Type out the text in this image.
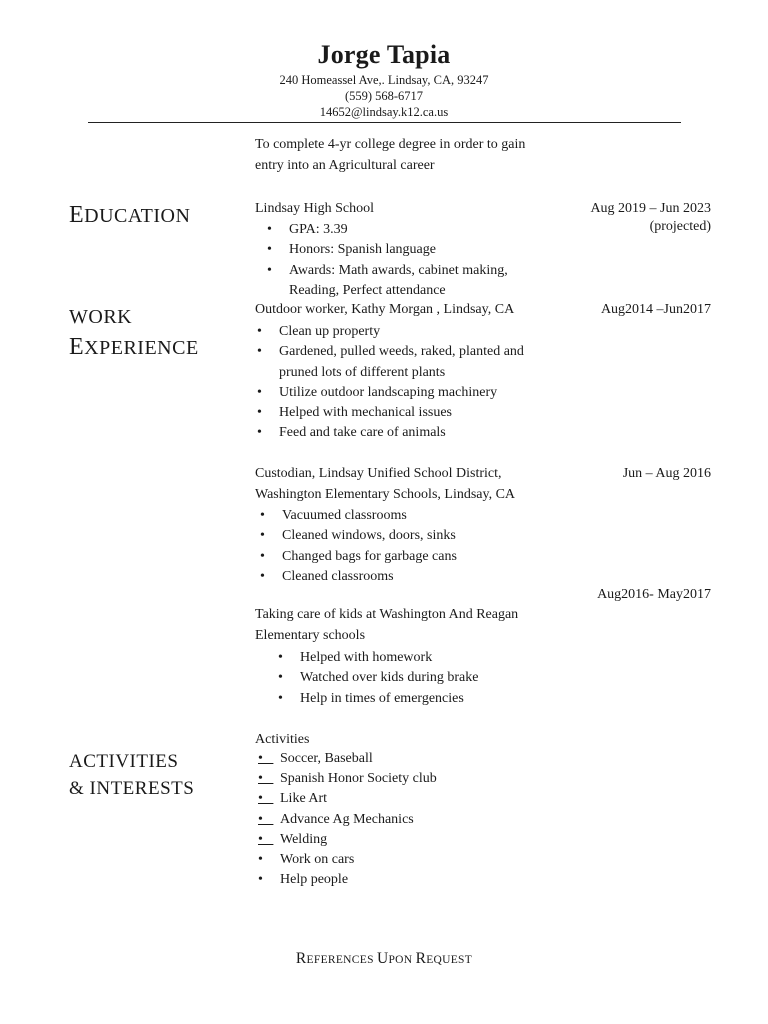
Jorge Tapia
240 Homeassel Ave,. Lindsay, CA, 93247
(559) 568-6717
14652@lindsay.k12.ca.us
To complete 4-yr college degree in order to gain
entry into an Agricultural career
EDUCATION	Lindsay High School	Aug 2019 – Jun 2023
(projected)
• GPA: 3.39
• Honors: Spanish language
• Awards: Math awards, cabinet making,
Reading, Perfect attendance
WORK
EXPERIENCE
Outdoor worker, Kathy Morgan , Lindsay, CA	Aug2014 –Jun2017
• Clean up property
• Gardened, pulled weeds, raked, planted and
pruned lots of different plants
• Utilize outdoor landscaping machinery
• Helped with mechanical issues
• Feed and take care of animals
Custodian, Lindsay Unified School District,
Washington Elementary Schools, Lindsay, CA
Jun – Aug 2016
• Vacuumed classrooms
• Cleaned windows, doors, sinks
• Changed bags for garbage cans
• Cleaned classrooms
Aug2016- May2017
Taking care of kids at Washington And Reagan
Elementary schools
• Helped with homework
• Watched over kids during brake
• Help in times of emergencies
ACTIVITIES
& INTERESTS
Activities
•   Soccer, Baseball
•   Spanish Honor Society club
•   Like Art
•   Advance Ag Mechanics
•   Welding
• Work on cars
• Help people
REFERENCES UPON REQUEST
